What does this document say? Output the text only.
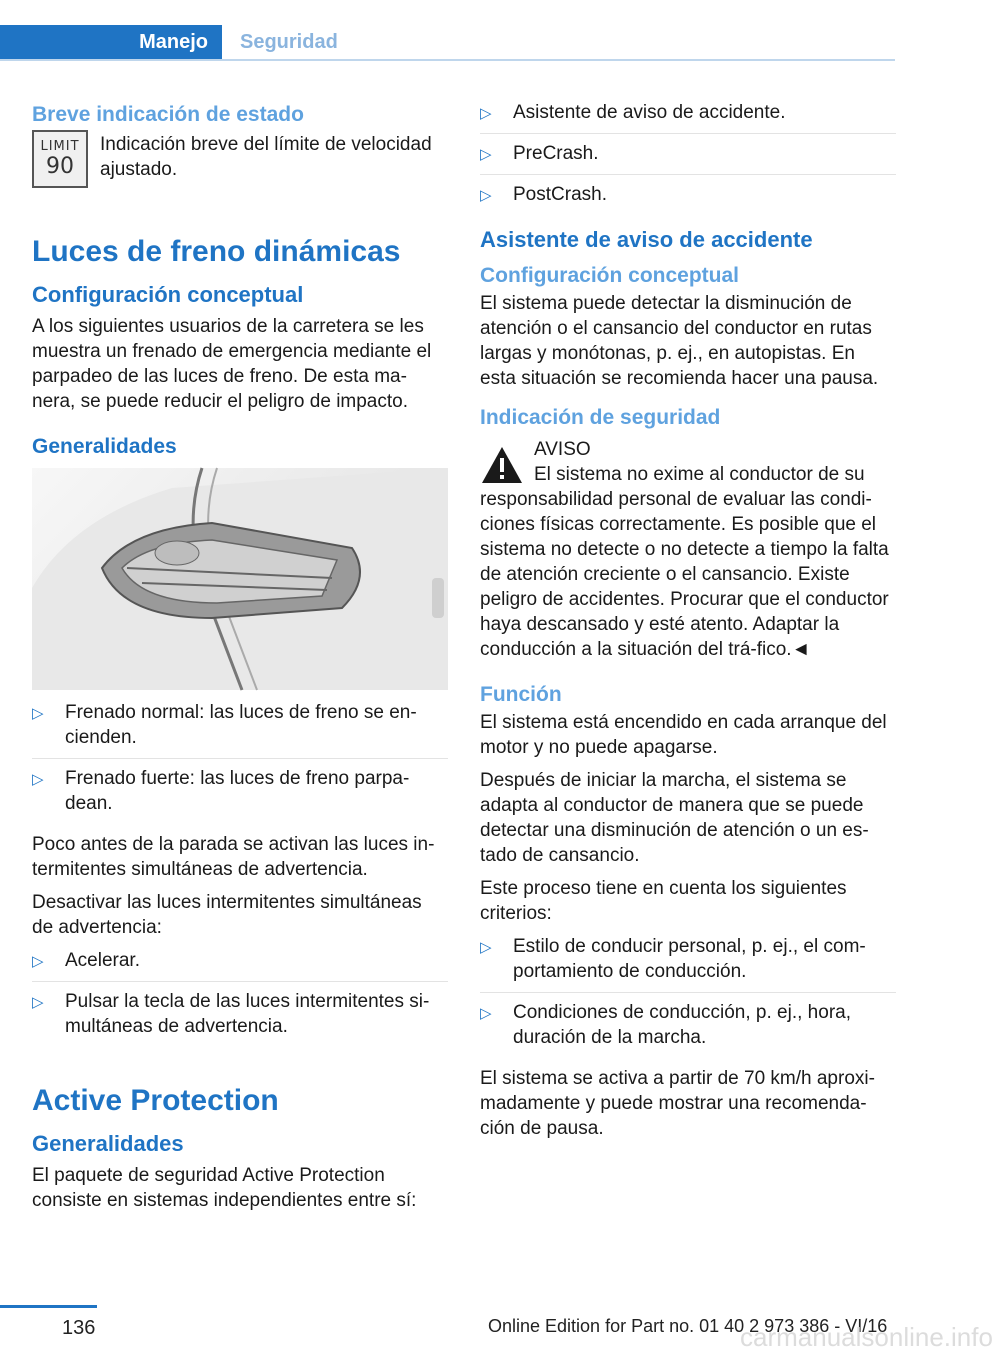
Manejo	Seguridad
Breve indicación de estado
LIMIT
90

Indicación breve del límite de velocidad ajustado.

Luces de freno dinámicas
Configuración conceptual

A los siguientes usuarios de la carretera se les muestra un frenado de emergencia mediante el parpadeo de las luces de freno. De esta ma‐nera, se puede reducir el peligro de impacto.

Generalidades
▷ Frenado normal: las luces de freno se en‐cienden.
▷ Frenado fuerte: las luces de freno parpa‐dean.

Poco antes de la parada se activan las luces in‐termitentes simultáneas de advertencia.

Desactivar las luces intermitentes simultáneas de advertencia:

▷ Acelerar.
▷ Pulsar la tecla de las luces intermitentes si‐multáneas de advertencia.
Active Protection
Generalidades

El paquete de seguridad Active Protection consiste en sistemas independientes entre sí:

▷ Asistente de aviso de accidente.
▷ PreCrash.
▷ PostCrash.
Asistente de aviso de accidente
Configuración conceptual

El sistema puede detectar la disminución de atención o el cansancio del conductor en rutas largas y monótonas, p. ej., en autopistas. En esta situación se recomienda hacer una pausa.

Indicación de seguridad

AVISO

El sistema no exime al conductor de su responsabilidad personal de evaluar las condi‐ciones físicas correctamente. Es posible que el sistema no detecte o no detecte a tiempo la falta de atención creciente o el cansancio. Existe peligro de accidentes. Procurar que el conductor haya descansado y esté atento. Adaptar la conducción a la situación del trá‐fico.◄

Función

El sistema está encendido en cada arranque del motor y no puede apagarse.

Después de iniciar la marcha, el sistema se adapta al conductor de manera que se puede detectar una disminución de atención o un es‐tado de cansancio.

Este proceso tiene en cuenta los siguientes criterios:

▷ Estilo de conducir personal, p. ej., el com‐portamiento de conducción.
▷ Condiciones de conducción, p. ej., hora, duración de la marcha.

El sistema se activa a partir de 70 km/h aproxi‐madamente y puede mostrar una recomenda‐ción de pausa.

136	Online Edition for Part no. 01 40 2 973 386 - VI/16
carmanualsonline.info
